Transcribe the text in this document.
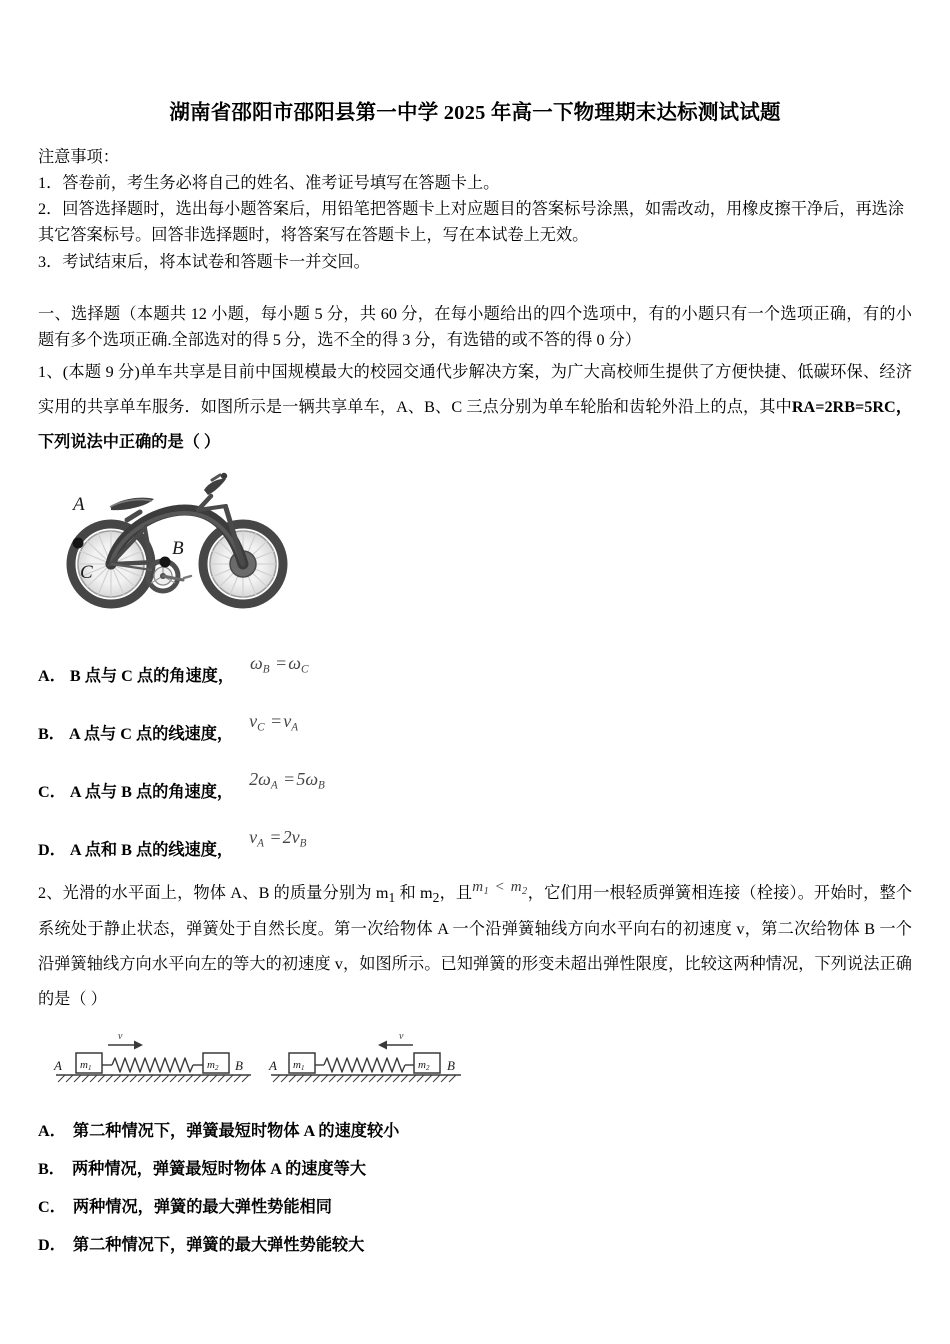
湖南省邵阳市邵阳县第一中学 2025 年高一下物理期末达标测试试题
注意事项：
1．答卷前，考生务必将自己的姓名、准考证号填写在答题卡上。
2．回答选择题时，选出每小题答案后，用铅笔把答题卡上对应题目的答案标号涂黑，如需改动，用橡皮擦干净后，再选涂其它答案标号。回答非选择题时，将答案写在答题卡上，写在本试卷上无效。
3．考试结束后，将本试卷和答题卡一并交回。
一、选择题（本题共 12 小题，每小题 5 分，共 60 分，在每小题给出的四个选项中，有的小题只有一个选项正确，有的小题有多个选项正确.全部选对的得 5 分，选不全的得 3 分，有选错的或不答的得 0 分）
1、(本题 9 分)单车共享是目前中国规模最大的校园交通代步解决方案，为广大高校师生提供了方便快捷、低碳环保、经济实用的共享单车服务．如图所示是一辆共享单车，A、B、C 三点分别为单车轮胎和齿轮外沿上的点，其中RA=2RB=5RC，下列说法中正确的是（ ）
A
B
C
A． B 点与 C 点的角速度，
$\omega_B = \omega_C$
B． A 点与 C 点的线速度，
$v_C = v_A$
C． A 点与 B 点的角速度，
$2\omega_A = 5\omega_B$
D． A 点和 B 点的线速度，
$v_A = 2v_B$
2、光滑的水平面上，物体 A、B 的质量分别为 $m_1$ 和 $m_2$，且$m_1 < m_2$，它们用一根轻质弹簧相连接（栓接）。开始时，整个系统处于静止状态，弹簧处于自然长度。第一次给物体 A 一个沿弹簧轴线方向水平向右的初速度 v，第二次给物体 B 一个沿弹簧轴线方向水平向左的等大的初速度 v，如图所示。已知弹簧的形变未超出弹性限度，比较这两种情况，下列说法正确的是（ ）
v
A m1	m2 B
v
A m1	m2 B
A． 第二种情况下，弹簧最短时物体 A 的速度较小
B． 两种情况，弹簧最短时物体 A 的速度等大
C． 两种情况，弹簧的最大弹性势能相同
D． 第二种情况下，弹簧的最大弹性势能较大
